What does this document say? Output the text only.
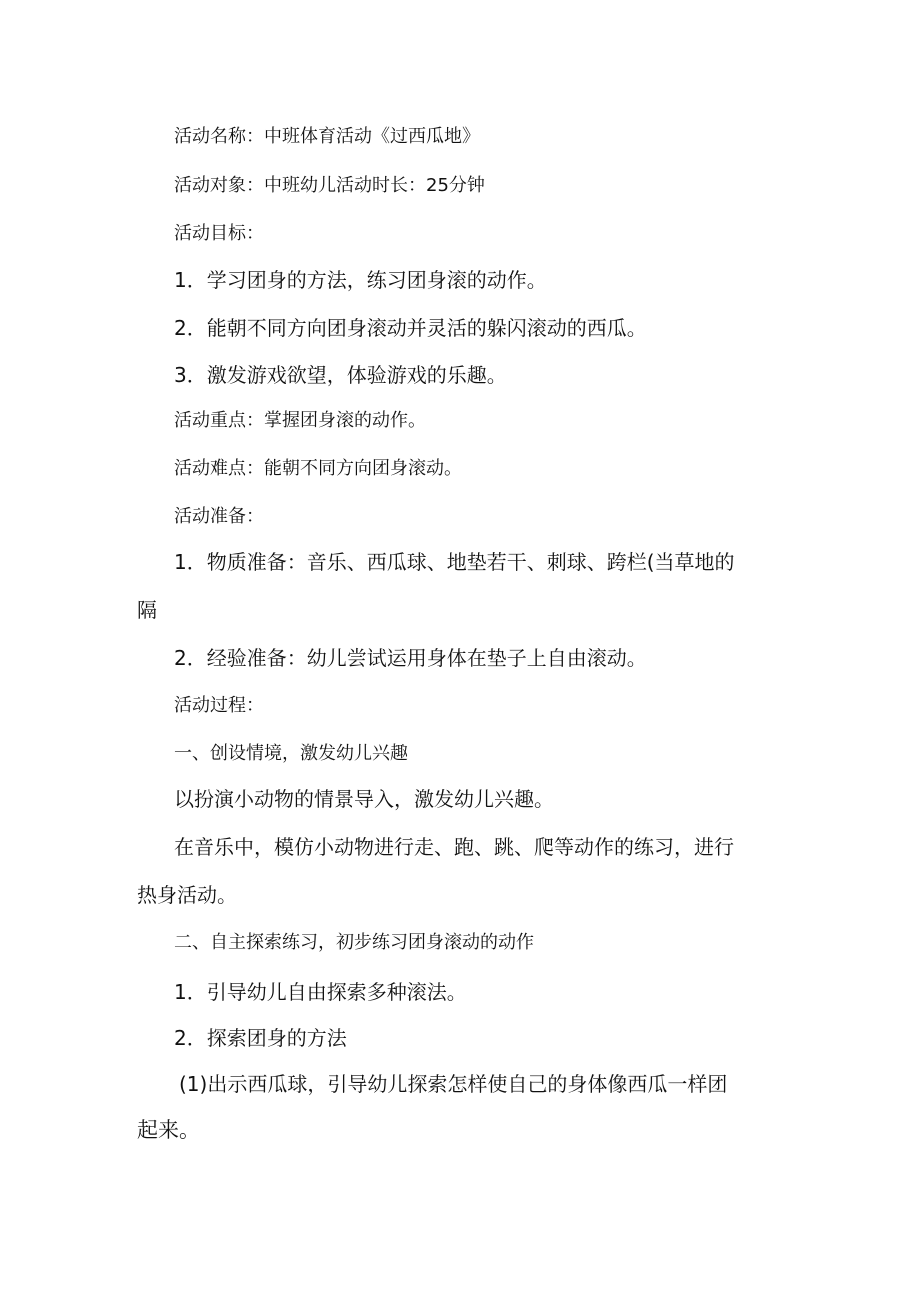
活动名称：中班体育活动《过西瓜地》
活动对象：中班幼儿活动时长：25分钟
活动目标：
1．学习团身的方法，练习团身滚的动作。
2．能朝不同方向团身滚动并灵活的躲闪滚动的西瓜。
3．激发游戏欲望，体验游戏的乐趣。
活动重点：掌握团身滚的动作。
活动难点：能朝不同方向团身滚动。
活动准备：
1．物质准备：音乐、西瓜球、地垫若干、刺球、跨栏(当草地的
隔
2．经验准备：幼儿尝试运用身体在垫子上自由滚动。
活动过程：
一、创设情境，激发幼儿兴趣
以扮演小动物的情景导入，激发幼儿兴趣。
在音乐中，模仿小动物进行走、跑、跳、爬等动作的练习，进行
热身活动。
二、自主探索练习，初步练习团身滚动的动作
1．引导幼儿自由探索多种滚法。
2．探索团身的方法
(1)出示西瓜球，引导幼儿探索怎样使自己的身体像西瓜一样团
起来。
